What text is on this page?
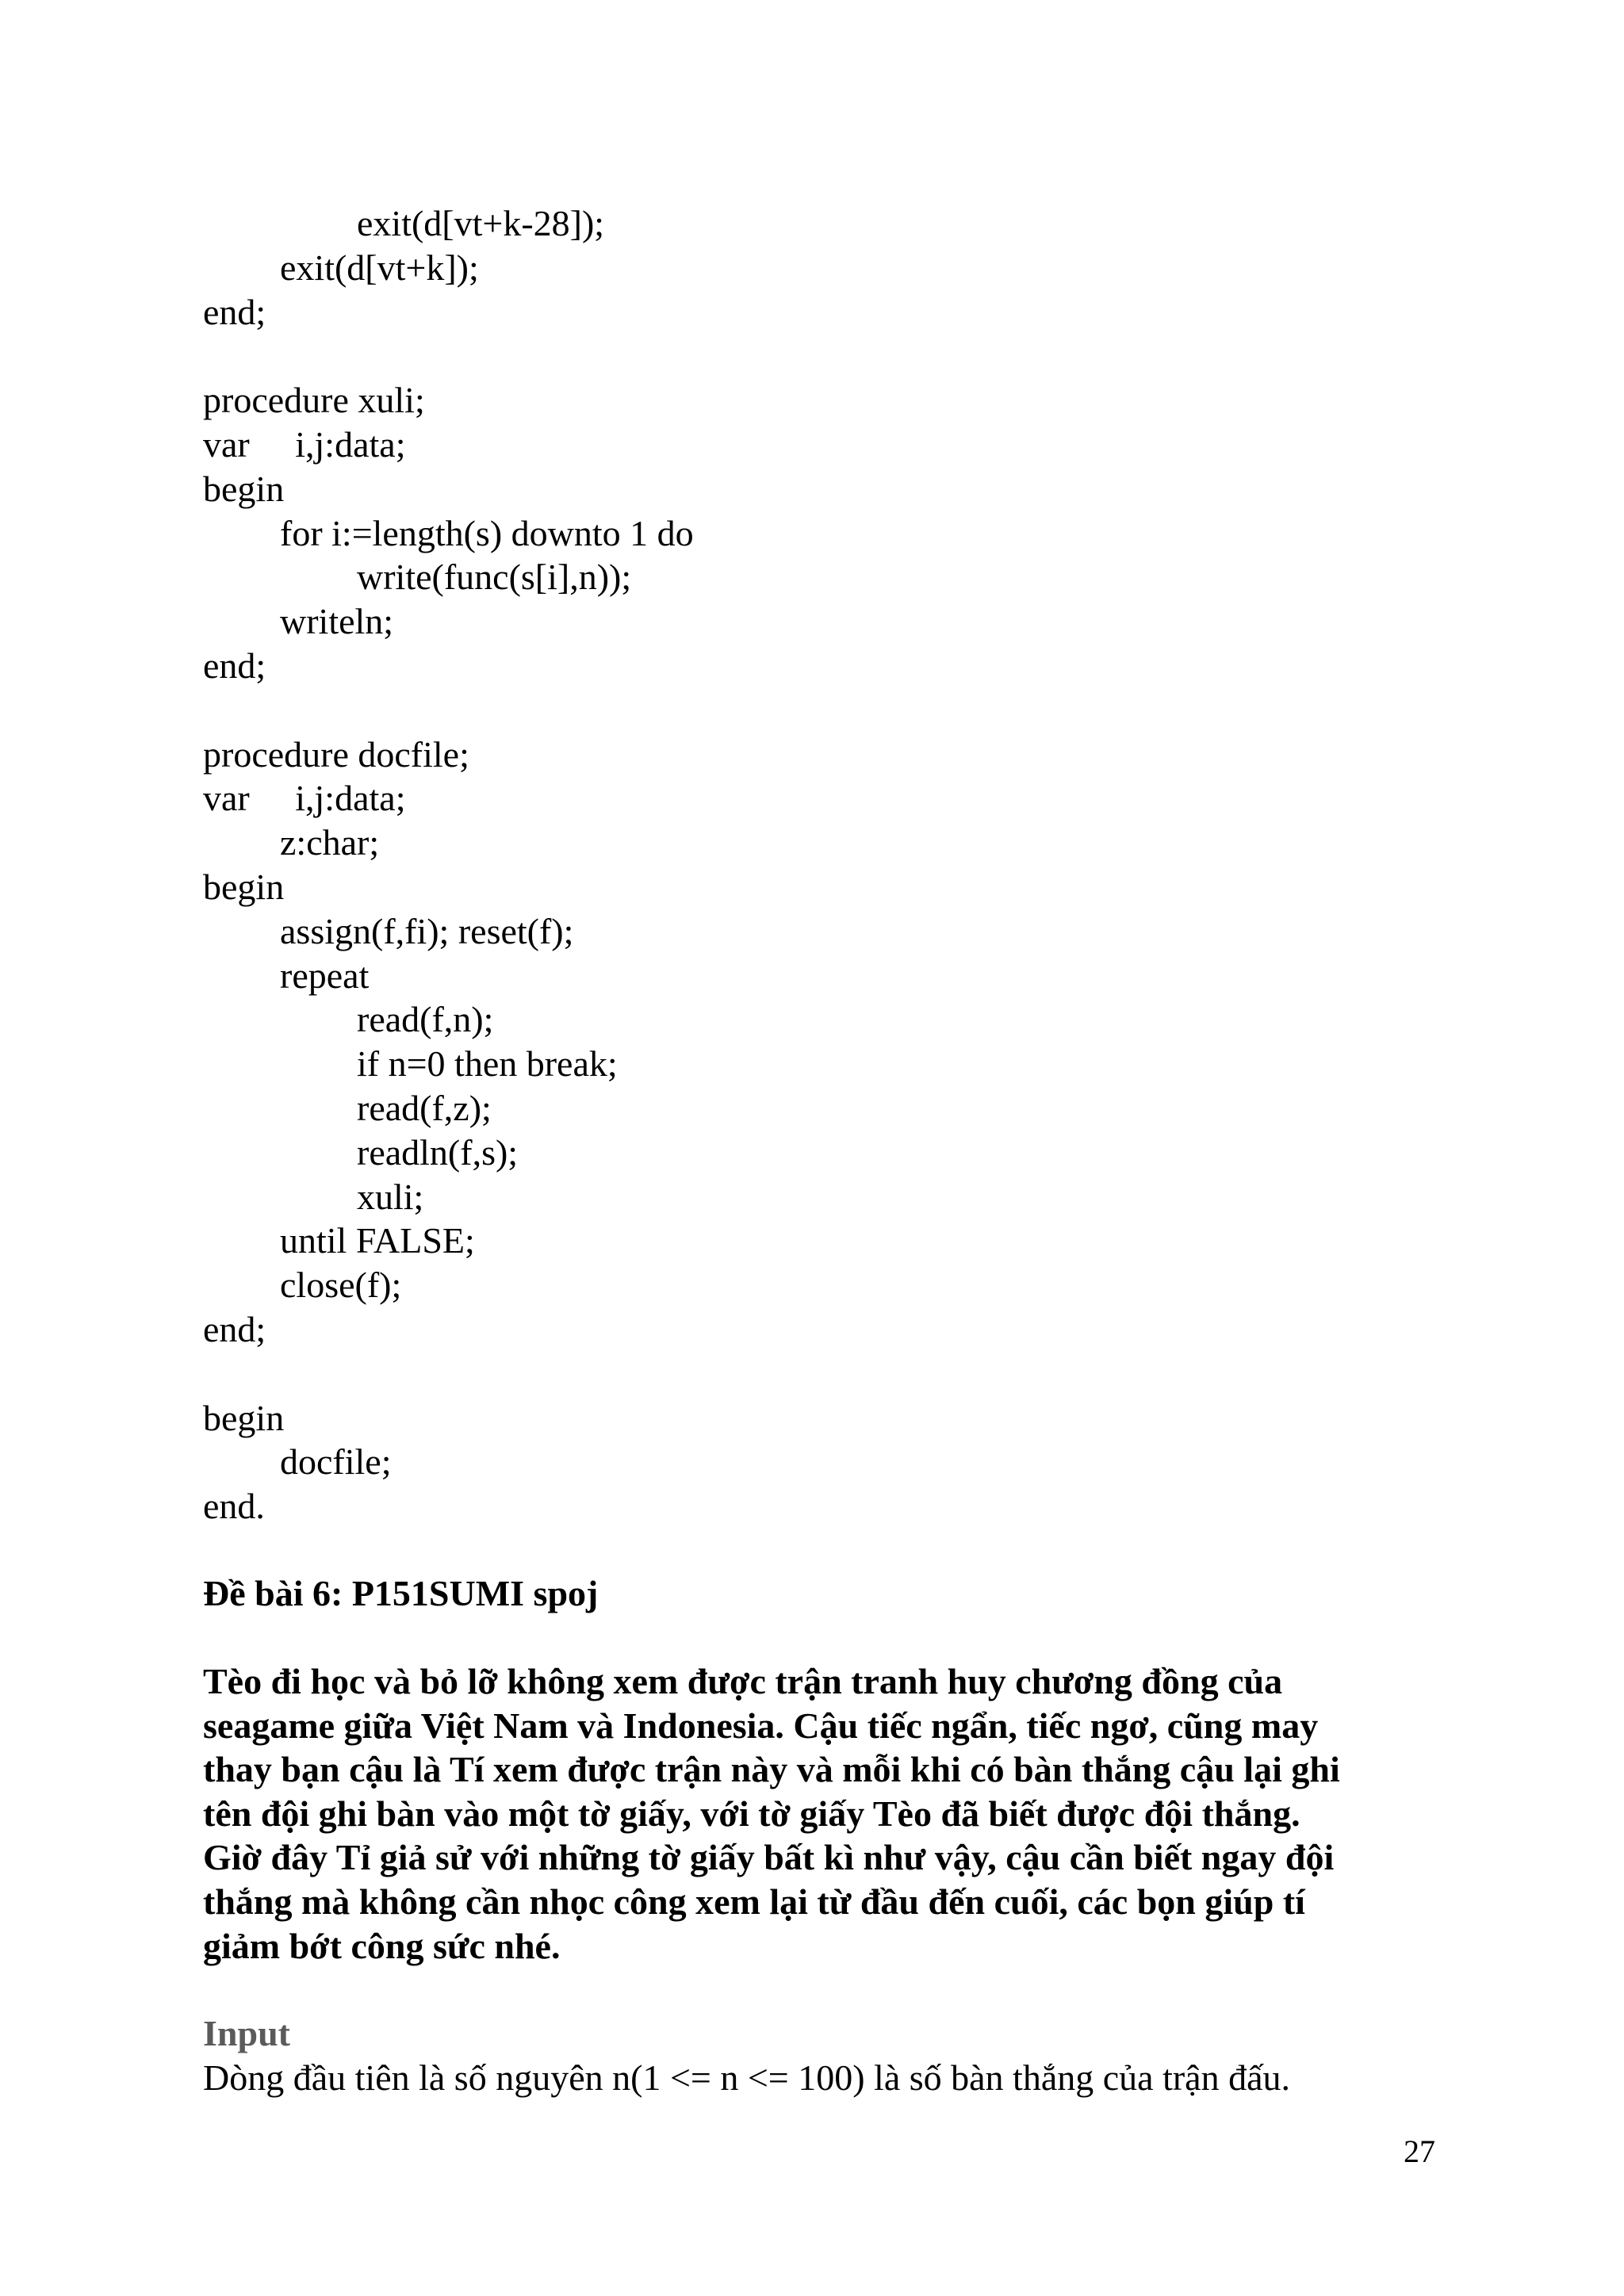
exit(d[vt+k-28]);
exit(d[vt+k]);
end;
procedure xuli;
var     i,j:data;
begin
for i:=length(s) downto 1 do
write(func(s[i],n));
writeln;
end;
procedure docfile;
var     i,j:data;
z:char;
begin
assign(f,fi); reset(f);
repeat
read(f,n);
if n=0 then break;
read(f,z);
readln(f,s);
xuli;
until FALSE;
close(f);
end;
begin
docfile;
end.
Đề bài 6: P151SUMI spoj
Tèo đi học và bỏ lỡ không xem được trận tranh huy chương đồng của
seagame giữa Việt Nam và Indonesia. Cậu tiếc ngẩn, tiếc ngơ, cũng may
thay bạn cậu là Tí xem được trận này và mỗi khi có bàn thắng cậu lại ghi
tên đội ghi bàn vào một tờ giấy, với tờ giấy Tèo đã biết được đội thắng.
Giờ đây Tỉ giả sử với những tờ giấy bất kì như vậy, cậu cần biết ngay đội
thắng mà không cần nhọc công xem lại từ đầu đến cuối, các bọn giúp tí
giảm bớt công sức nhé.
Input
Dòng đầu tiên là số nguyên n(1 <= n <= 100) là số bàn thắng của trận đấu.
27
